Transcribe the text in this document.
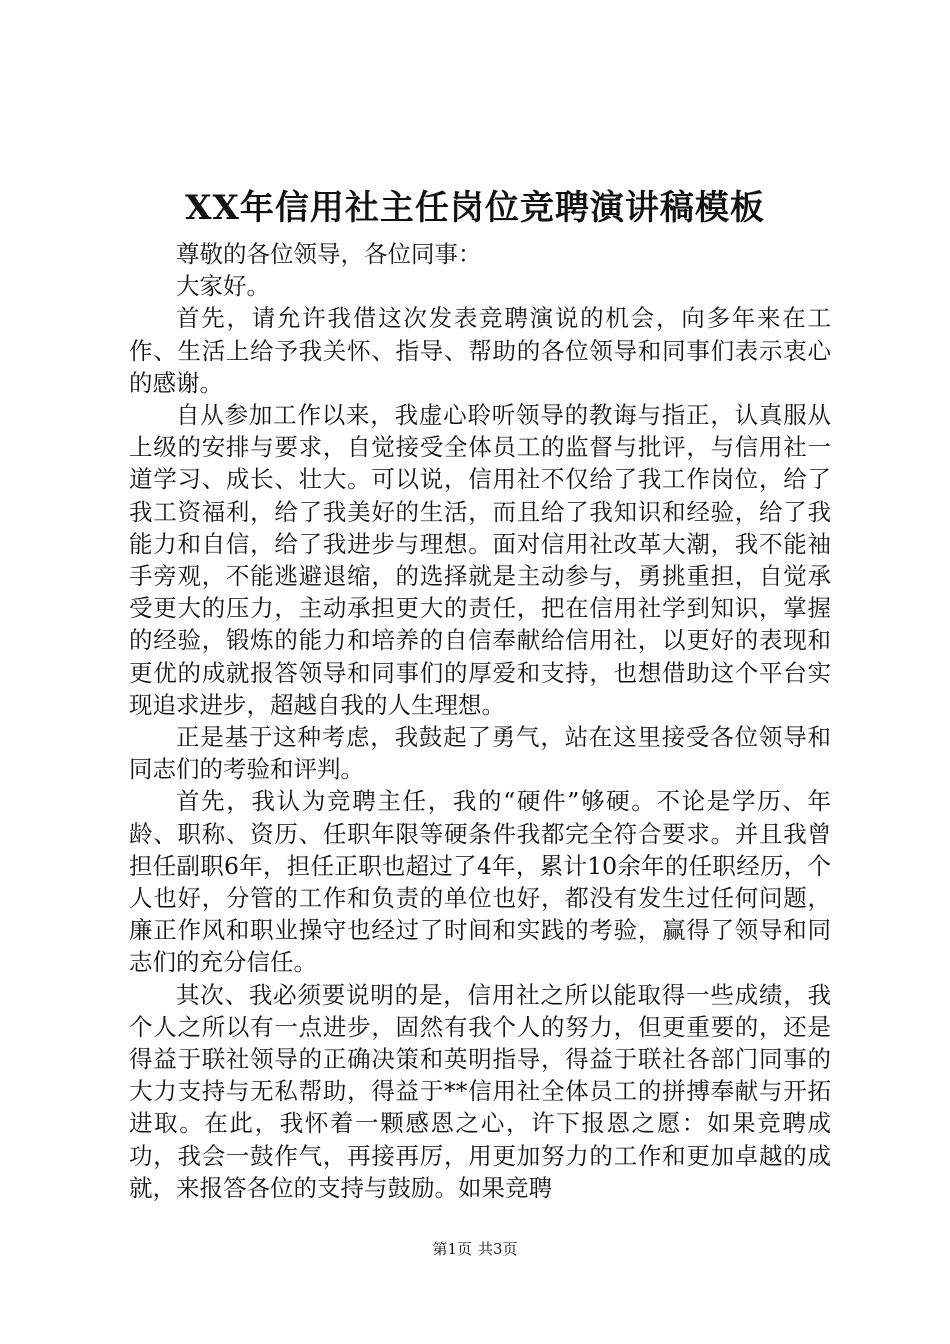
XX年信用社主任岗位竞聘演讲稿模板

尊敬的各位领导，各位同事：

大家好。

首先，请允许我借这次发表竞聘演说的机会，向多年来在工作、生活上给予我关怀、指导、帮助的各位领导和同事们表示衷心的感谢。

自从参加工作以来，我虚心聆听领导的教诲与指正，认真服从上级的安排与要求，自觉接受全体员工的监督与批评，与信用社一道学习、成长、壮大。可以说，信用社不仅给了我工作岗位，给了我工资福利，给了我美好的生活，而且给了我知识和经验，给了我能力和自信，给了我进步与理想。面对信用社改革大潮，我不能袖手旁观，不能逃避退缩，的选择就是主动参与，勇挑重担，自觉承受更大的压力，主动承担更大的责任，把在信用社学到知识，掌握的经验，锻炼的能力和培养的自信奉献给信用社，以更好的表现和更优的成就报答领导和同事们的厚爱和支持，也想借助这个平台实现追求进步，超越自我的人生理想。

正是基于这种考虑，我鼓起了勇气，站在这里接受各位领导和同志们的考验和评判。

首先，我认为竞聘主任，我的“硬件”够硬。不论是学历、年龄、职称、资历、任职年限等硬条件我都完全符合要求。并且我曾担任副职6年，担任正职也超过了4年，累计10余年的任职经历，个人也好，分管的工作和负责的单位也好，都没有发生过任何问题，廉正作风和职业操守也经过了时间和实践的考验，赢得了领导和同志们的充分信任。

其次、我必须要说明的是，信用社之所以能取得一些成绩，我个人之所以有一点进步，固然有我个人的努力，但更重要的，还是得益于联社领导的正确决策和英明指导，得益于联社各部门同事的大力支持与无私帮助，得益于**信用社全体员工的拼搏奉献与开拓进取。在此，我怀着一颗感恩之心，许下报恩之愿：如果竞聘成功，我会一鼓作气，再接再厉，用更加努力的工作和更加卓越的成就，来报答各位的支持与鼓励。如果竞聘

第1页 共3页
